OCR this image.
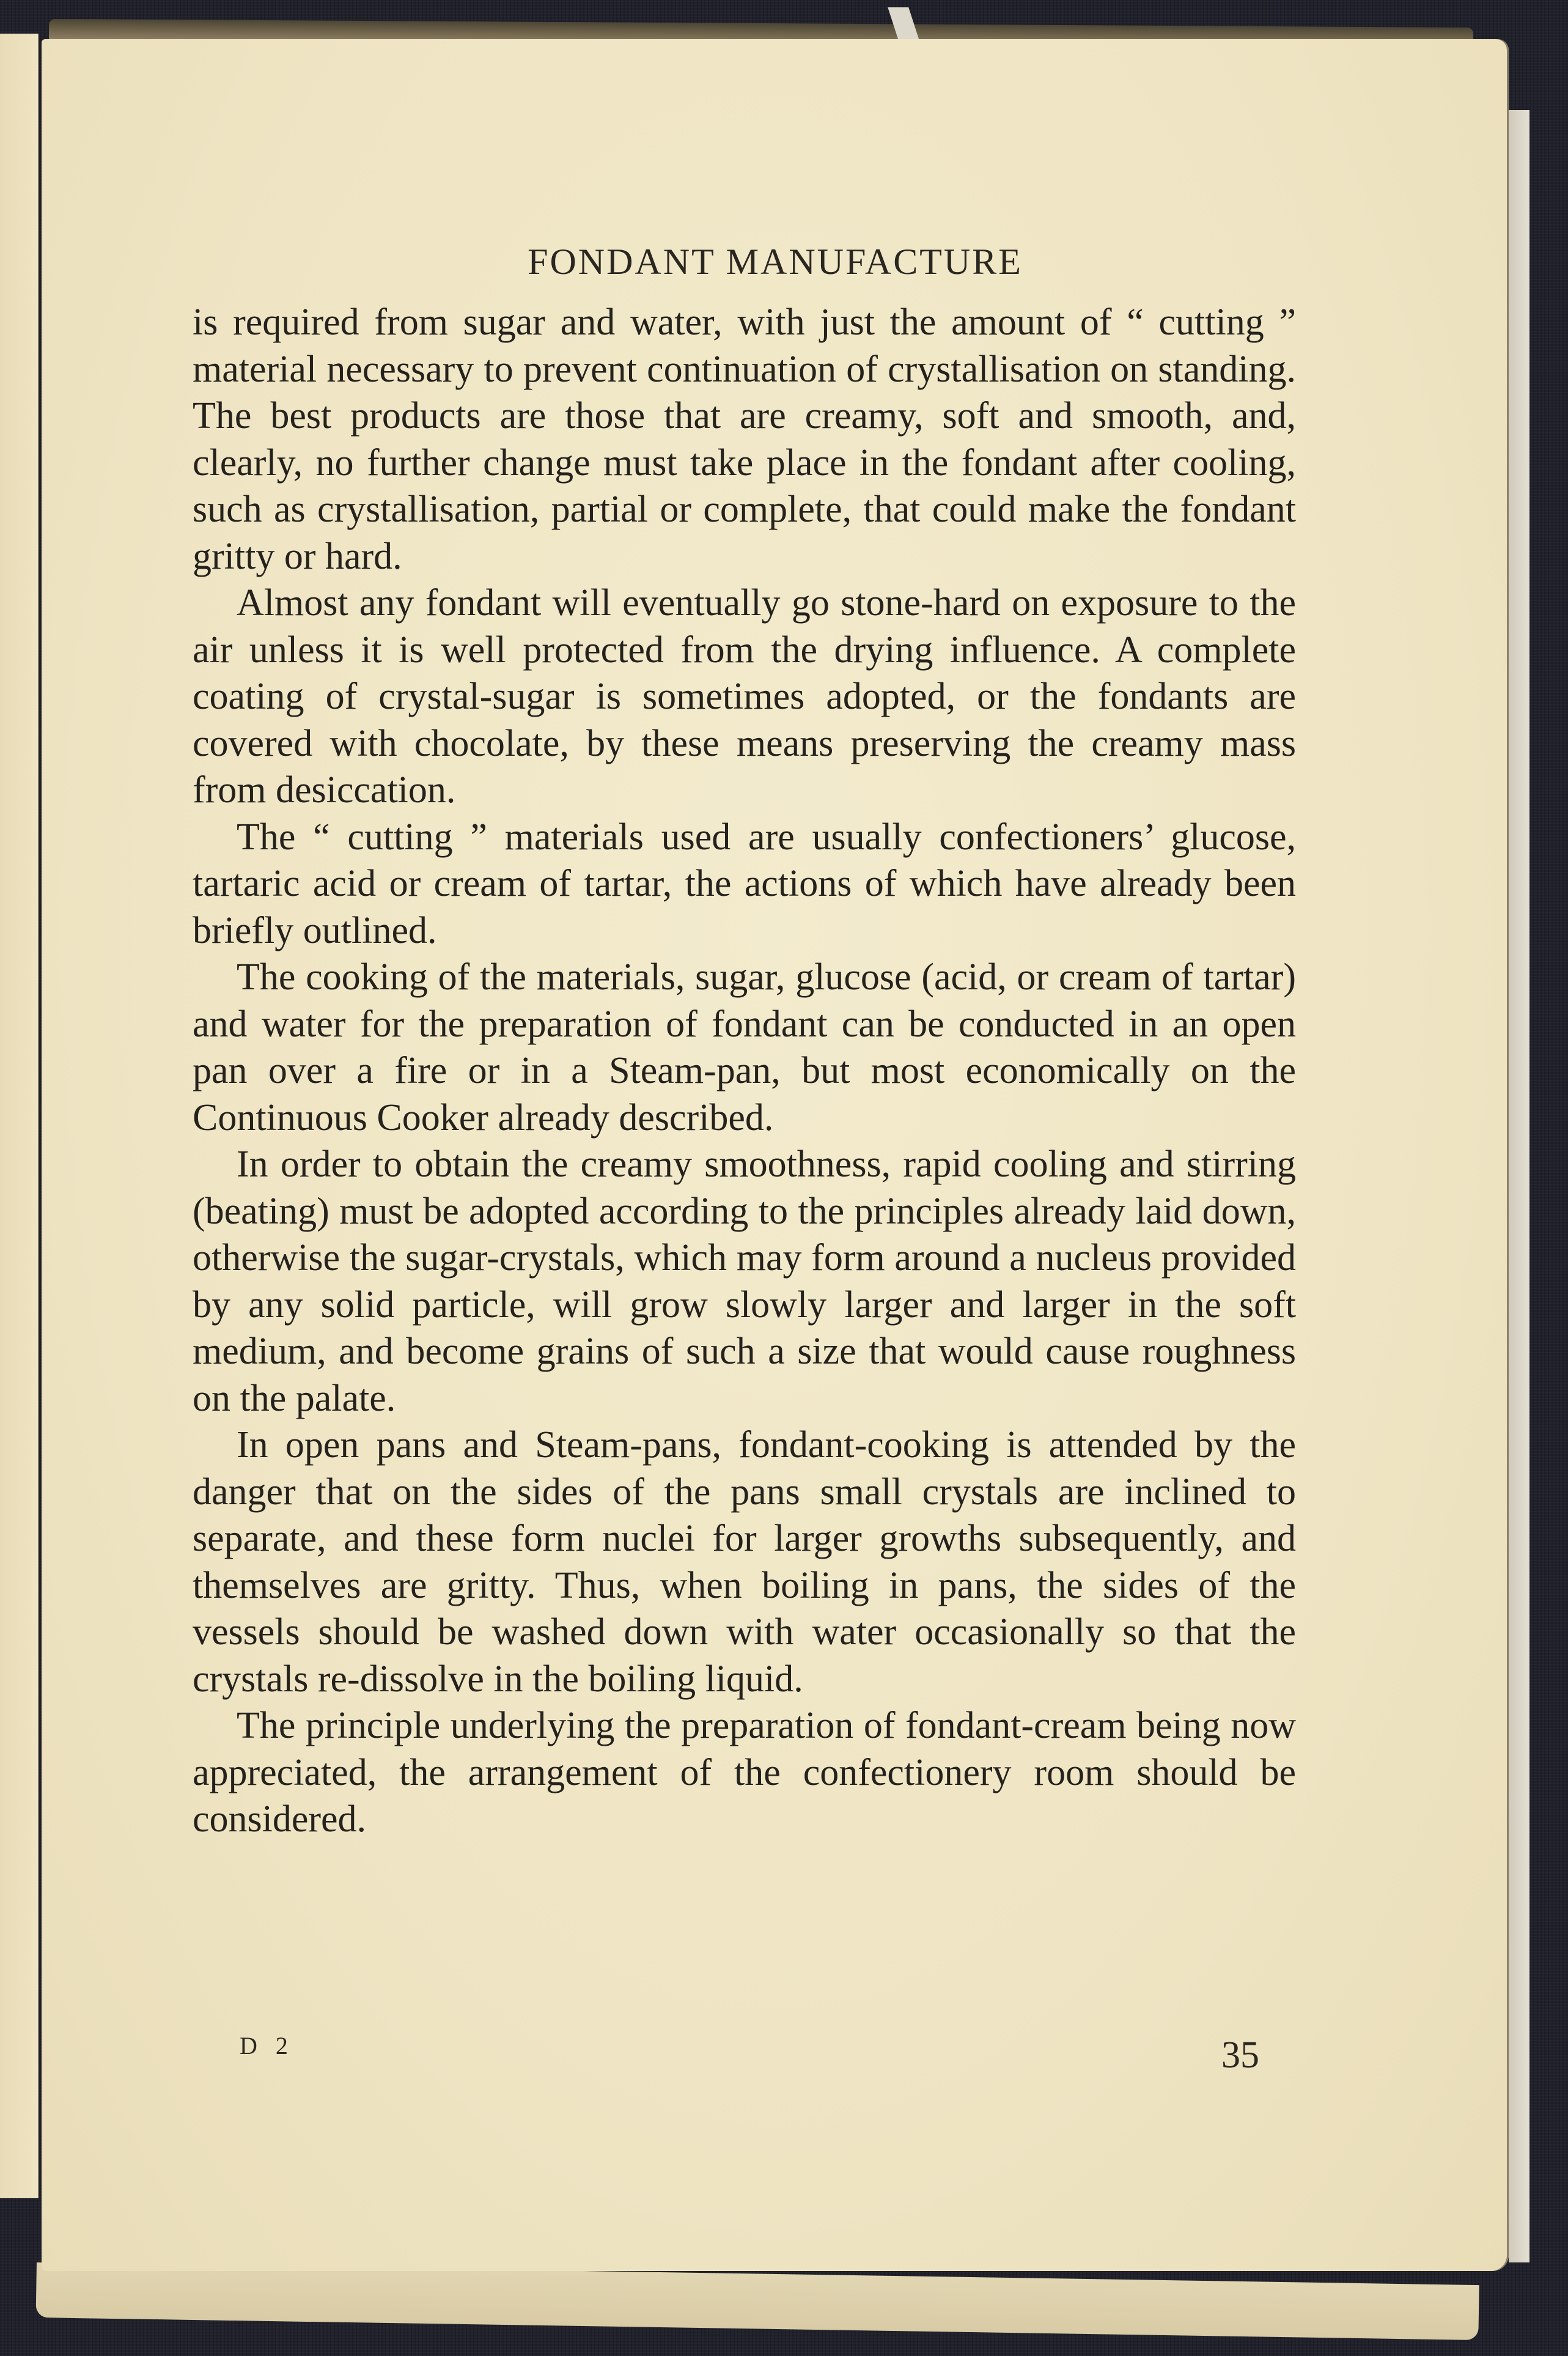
FONDANT MANUFACTURE

is required from sugar and water, with just the amount of “ cutting ” material necessary to prevent continuation of crystallisation on standing. The best products are those that are creamy, soft and smooth, and, clearly, no further change must take place in the fondant after cooling, such as crystallisation, partial or complete, that could make the fondant gritty or hard.

Almost any fondant will eventually go stone-hard on exposure to the air unless it is well protected from the drying influence. A complete coating of crystal-sugar is sometimes adopted, or the fondants are covered with chocolate, by these means preserving the creamy mass from desiccation.

The “ cutting ” materials used are usually confectioners’ glucose, tartaric acid or cream of tartar, the actions of which have already been briefly outlined.

The cooking of the materials, sugar, glucose (acid, or cream of tartar) and water for the preparation of fondant can be conducted in an open pan over a fire or in a Steam-pan, but most economically on the Continuous Cooker already described.

In order to obtain the creamy smoothness, rapid cooling and stirring (beating) must be adopted according to the principles already laid down, otherwise the sugar-crystals, which may form around a nucleus provided by any solid particle, will grow slowly larger and larger in the soft medium, and become grains of such a size that would cause roughness on the palate.

In open pans and Steam-pans, fondant-cooking is attended by the danger that on the sides of the pans small crystals are inclined to separate, and these form nuclei for larger growths subsequently, and themselves are gritty. Thus, when boiling in pans, the sides of the vessels should be washed down with water occasionally so that the crystals re-dissolve in the boiling liquid.

The principle underlying the preparation of fondant-cream being now appreciated, the arrangement of the confectionery room should be considered.

D 2	35
